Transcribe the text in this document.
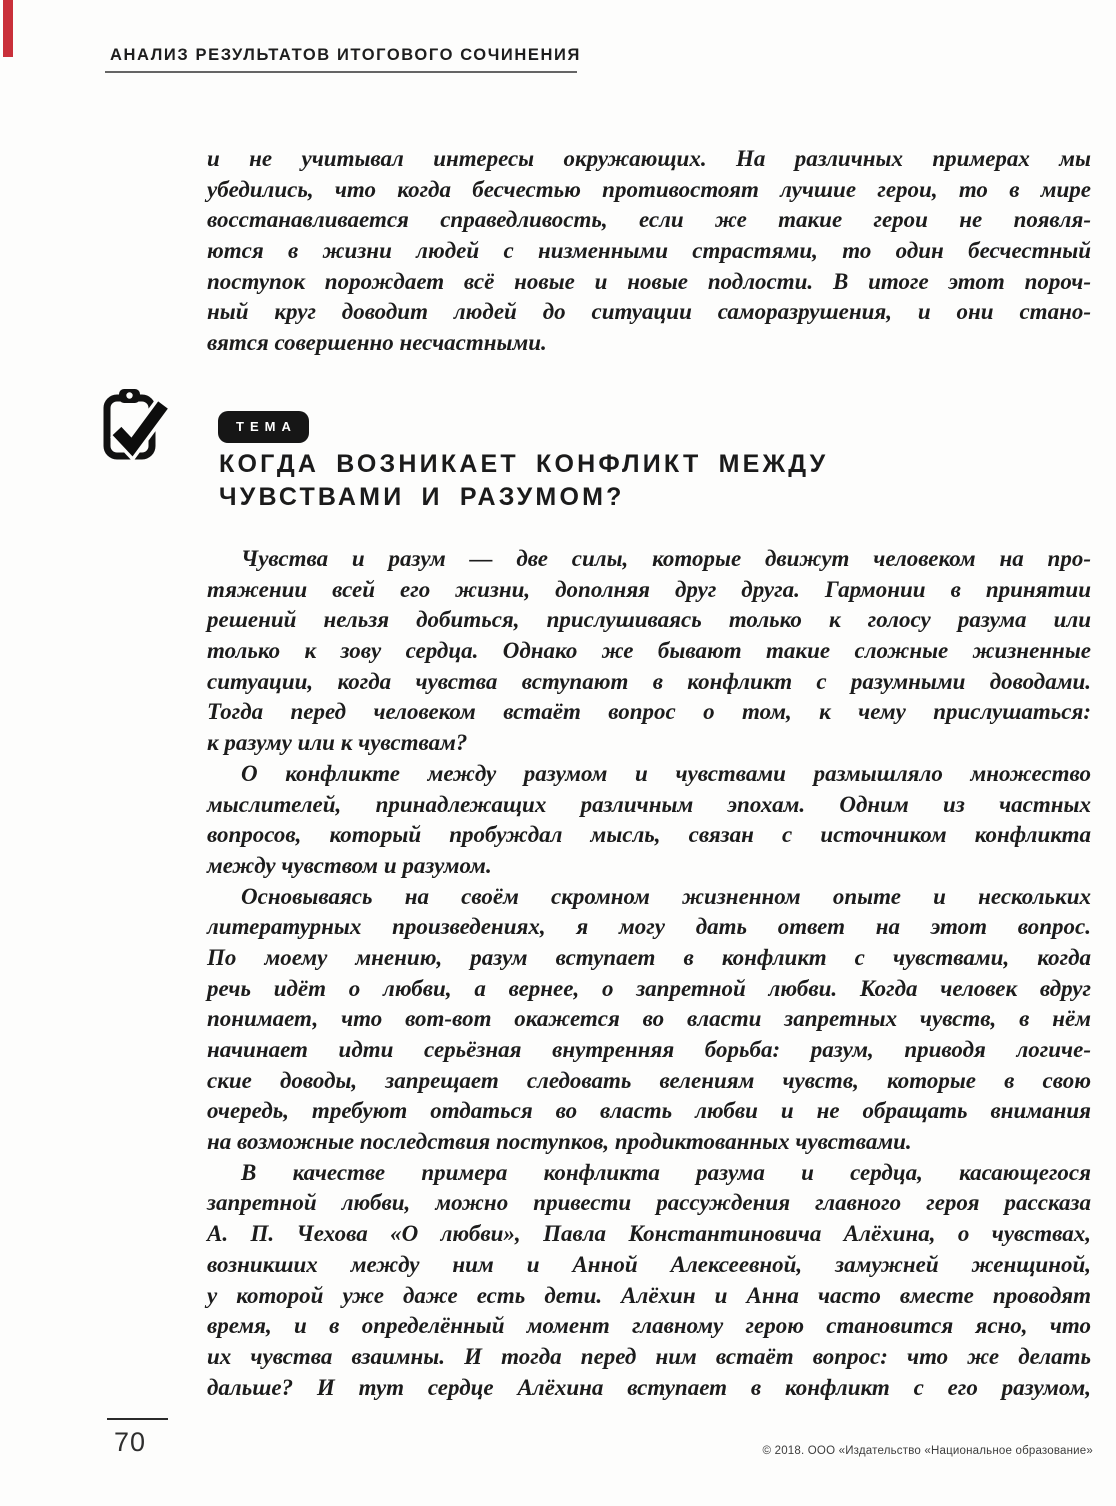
АНАЛИЗ РЕЗУЛЬТАТОВ ИТОГОВОГО СОЧИНЕНИЯ
и не учитывал интересы окружающих. На различных примерах мы
убедились, что когда бесчестью противостоят лучшие герои, то в мире
восстанавливается справедливость, если же такие герои не появля-
ются в жизни людей с низменными страстями, то один бесчестный
поступок порождает всё новые и новые подлости. В итоге этот пороч-
ный круг доводит людей до ситуации саморазрушения, и они стано-
вятся совершенно несчастными.
ТЕМА
КОГДА ВОЗНИКАЕТ КОНФЛИКТ МЕЖДУ
ЧУВСТВАМИ И РАЗУМОМ?
Чувства и разум — две силы, которые движут человеком на про-
тяжении всей его жизни, дополняя друг друга. Гармонии в принятии
решений нельзя добиться, прислушиваясь только к голосу разума или
только к зову сердца. Однако же бывают такие сложные жизненные
ситуации, когда чувства вступают в конфликт с разумными доводами.
Тогда перед человеком встаёт вопрос о том, к чему прислушаться:
к разуму или к чувствам?
О конфликте между разумом и чувствами размышляло множество
мыслителей, принадлежащих различным эпохам. Одним из частных
вопросов, который пробуждал мысль, связан с источником конфликта
между чувством и разумом.
Основываясь на своём скромном жизненном опыте и нескольких
литературных произведениях, я могу дать ответ на этот вопрос.
По моему мнению, разум вступает в конфликт с чувствами, когда
речь идёт о любви, а вернее, о запретной любви. Когда человек вдруг
понимает, что вот-вот окажется во власти запретных чувств, в нём
начинает идти серьёзная внутренняя борьба: разум, приводя логиче-
ские доводы, запрещает следовать велениям чувств, которые в свою
очередь, требуют отдаться во власть любви и не обращать внимания
на возможные последствия поступков, продиктованных чувствами.
В качестве примера конфликта разума и сердца, касающегося
запретной любви, можно привести рассуждения главного героя рассказа
А. П. Чехова «О любви», Павла Константиновича Алёхина, о чувствах,
возникших между ним и Анной Алексеевной, замужней женщиной,
у которой уже даже есть дети. Алёхин и Анна часто вместе проводят
время, и в определённый момент главному герою становится ясно, что
их чувства взаимны. И тогда перед ним встаёт вопрос: что же делать
дальше? И тут сердце Алёхина вступает в конфликт с его разумом,
70	© 2018. ООО «Издательство «Национальное образование»
